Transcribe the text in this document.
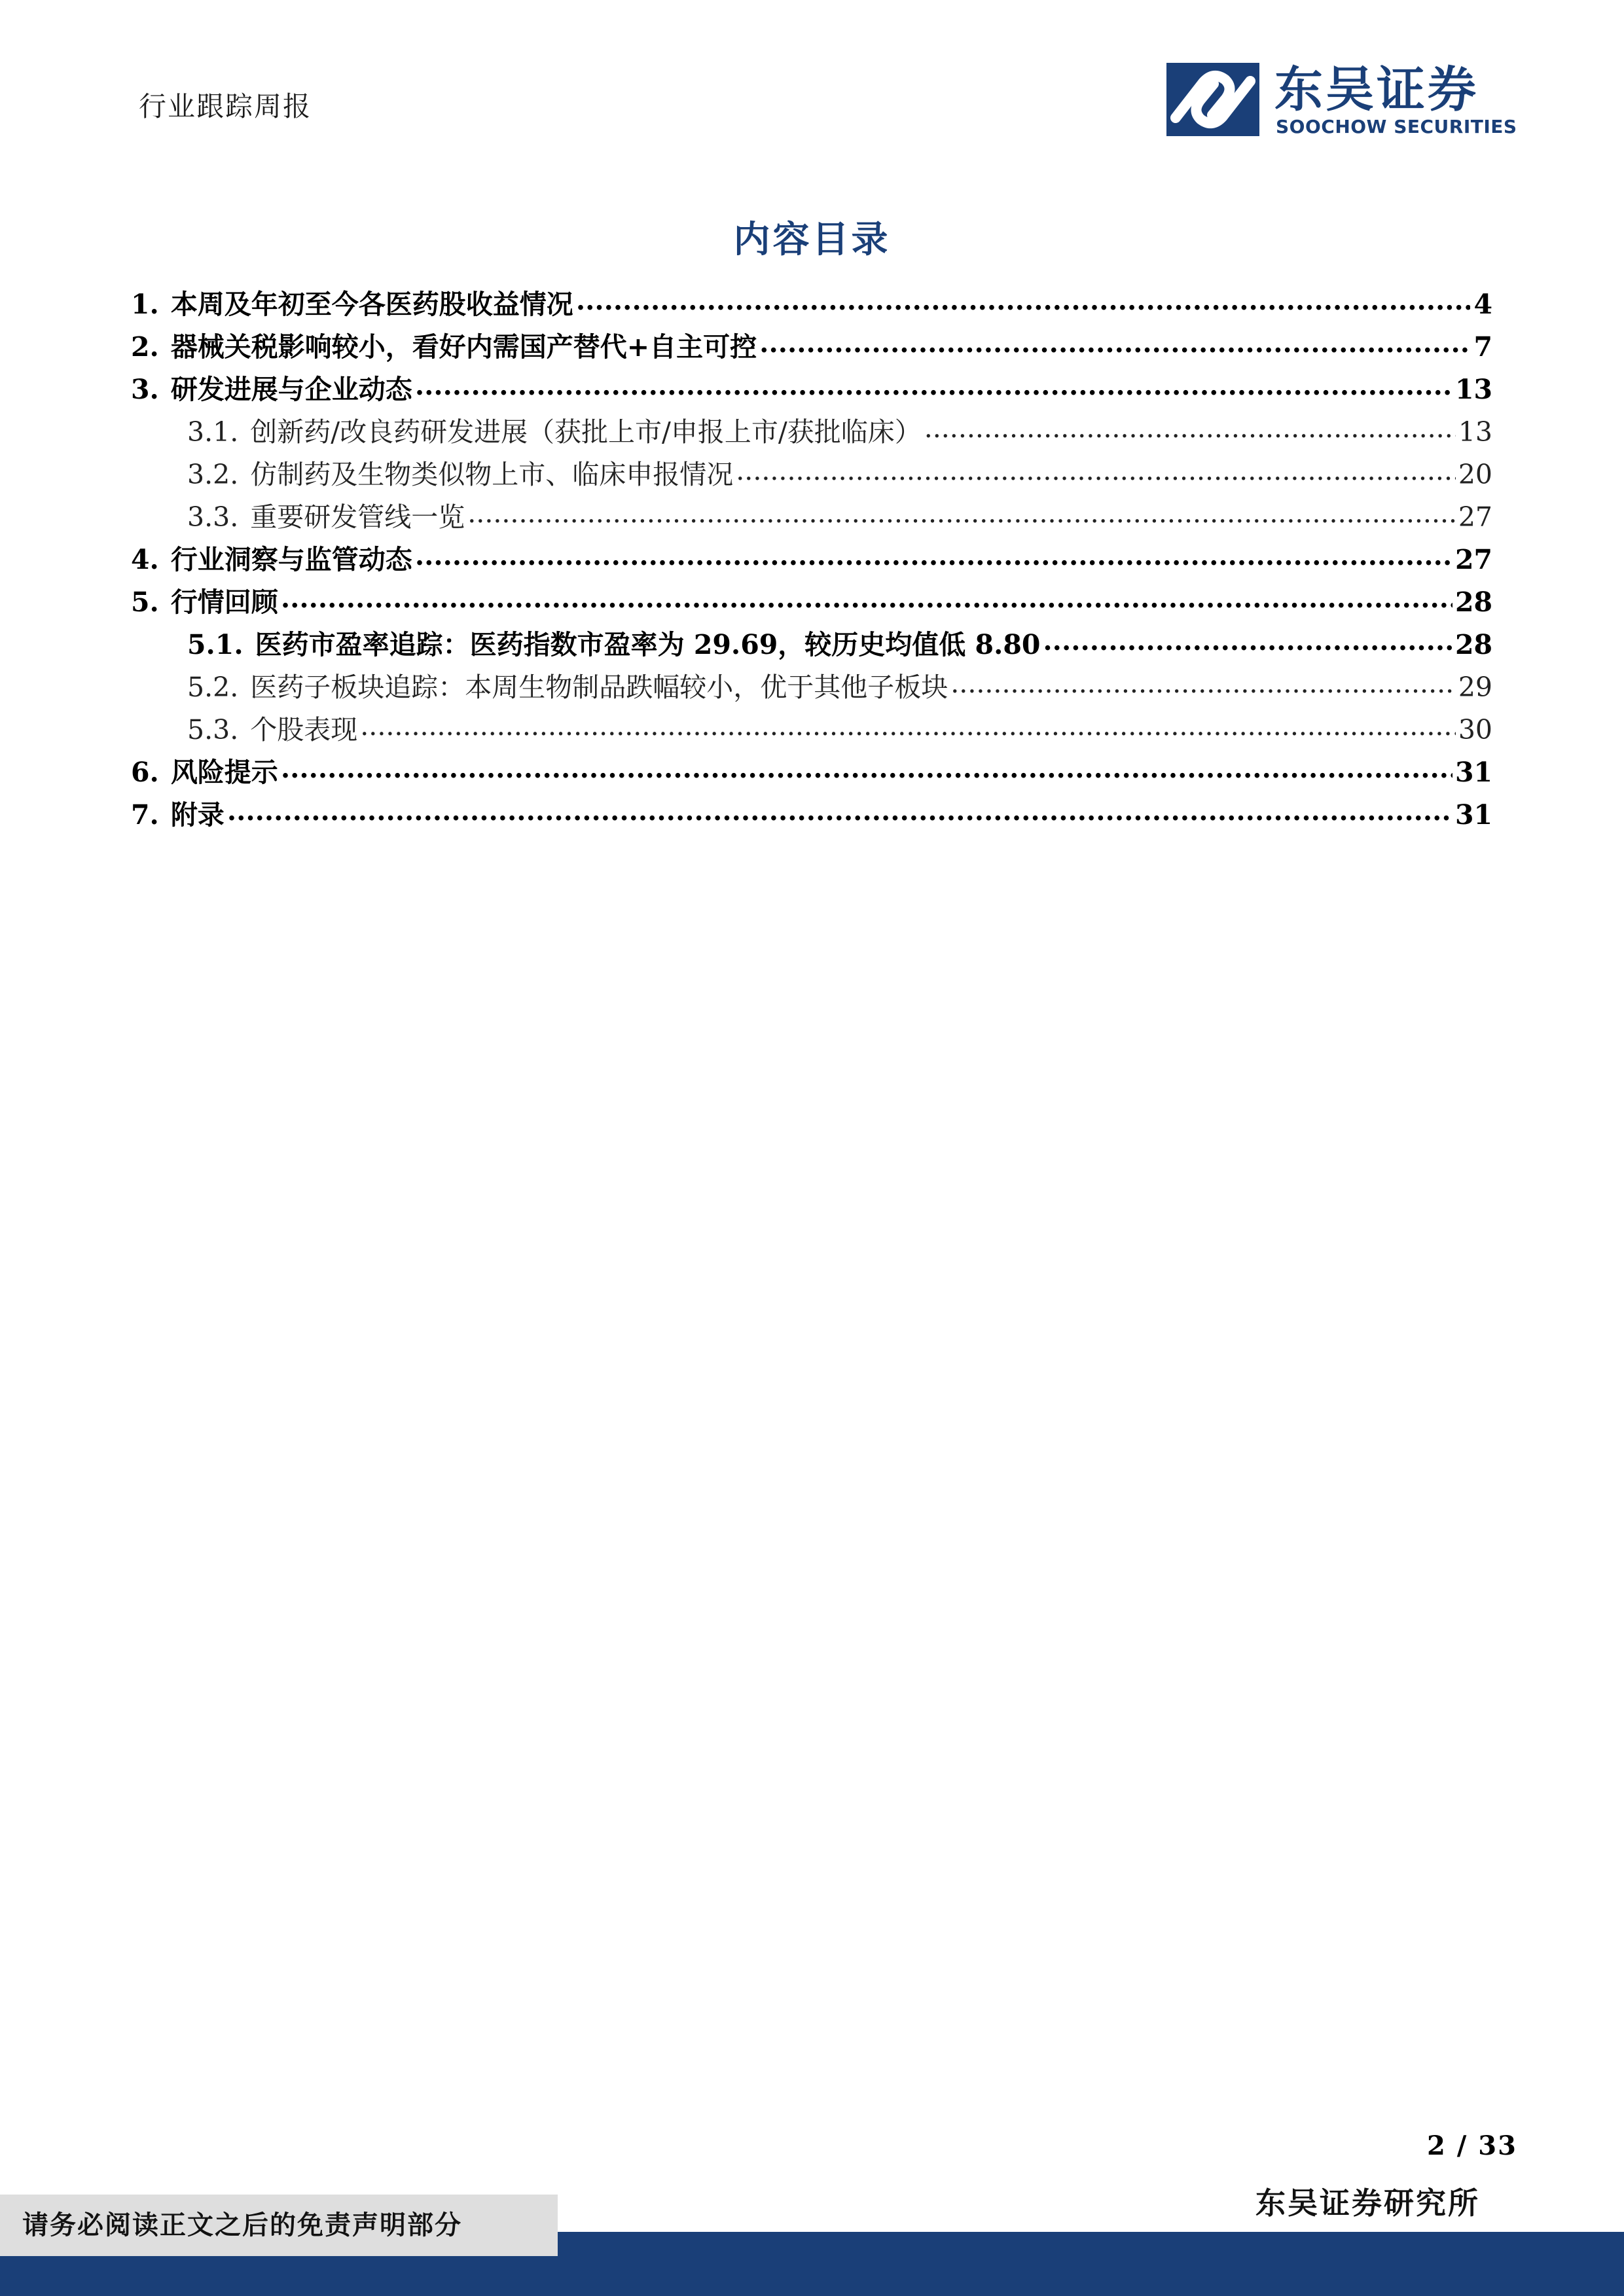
行业跟踪周报	东吴证券
SOOCHOW SECURITIES
内容目录
1. 本周及年初至今各医药股收益情况 .....	4
2. 器械关税影响较小，看好内需国产替代+自主可控 .....	7
3. 研发进展与企业动态 .....	13
3.1. 创新药/改良药研发进展（获批上市/申报上市/获批临床） .....	13
3.2. 仿制药及生物类似物上市、临床申报情况 .....	20
3.3. 重要研发管线一览 .....	27
4. 行业洞察与监管动态 .....	27
5. 行情回顾 .....	28
5.1. 医药市盈率追踪：医药指数市盈率为 29.69，较历史均值低 8.80 .....	28
5.2. 医药子板块追踪：本周生物制品跌幅较小，优于其他子板块 .....	29
5.3. 个股表现 .....	30
6. 风险提示 .....	31
7. 附录 .....	31
2 / 33
东吴证券研究所
请务必阅读正文之后的免责声明部分
